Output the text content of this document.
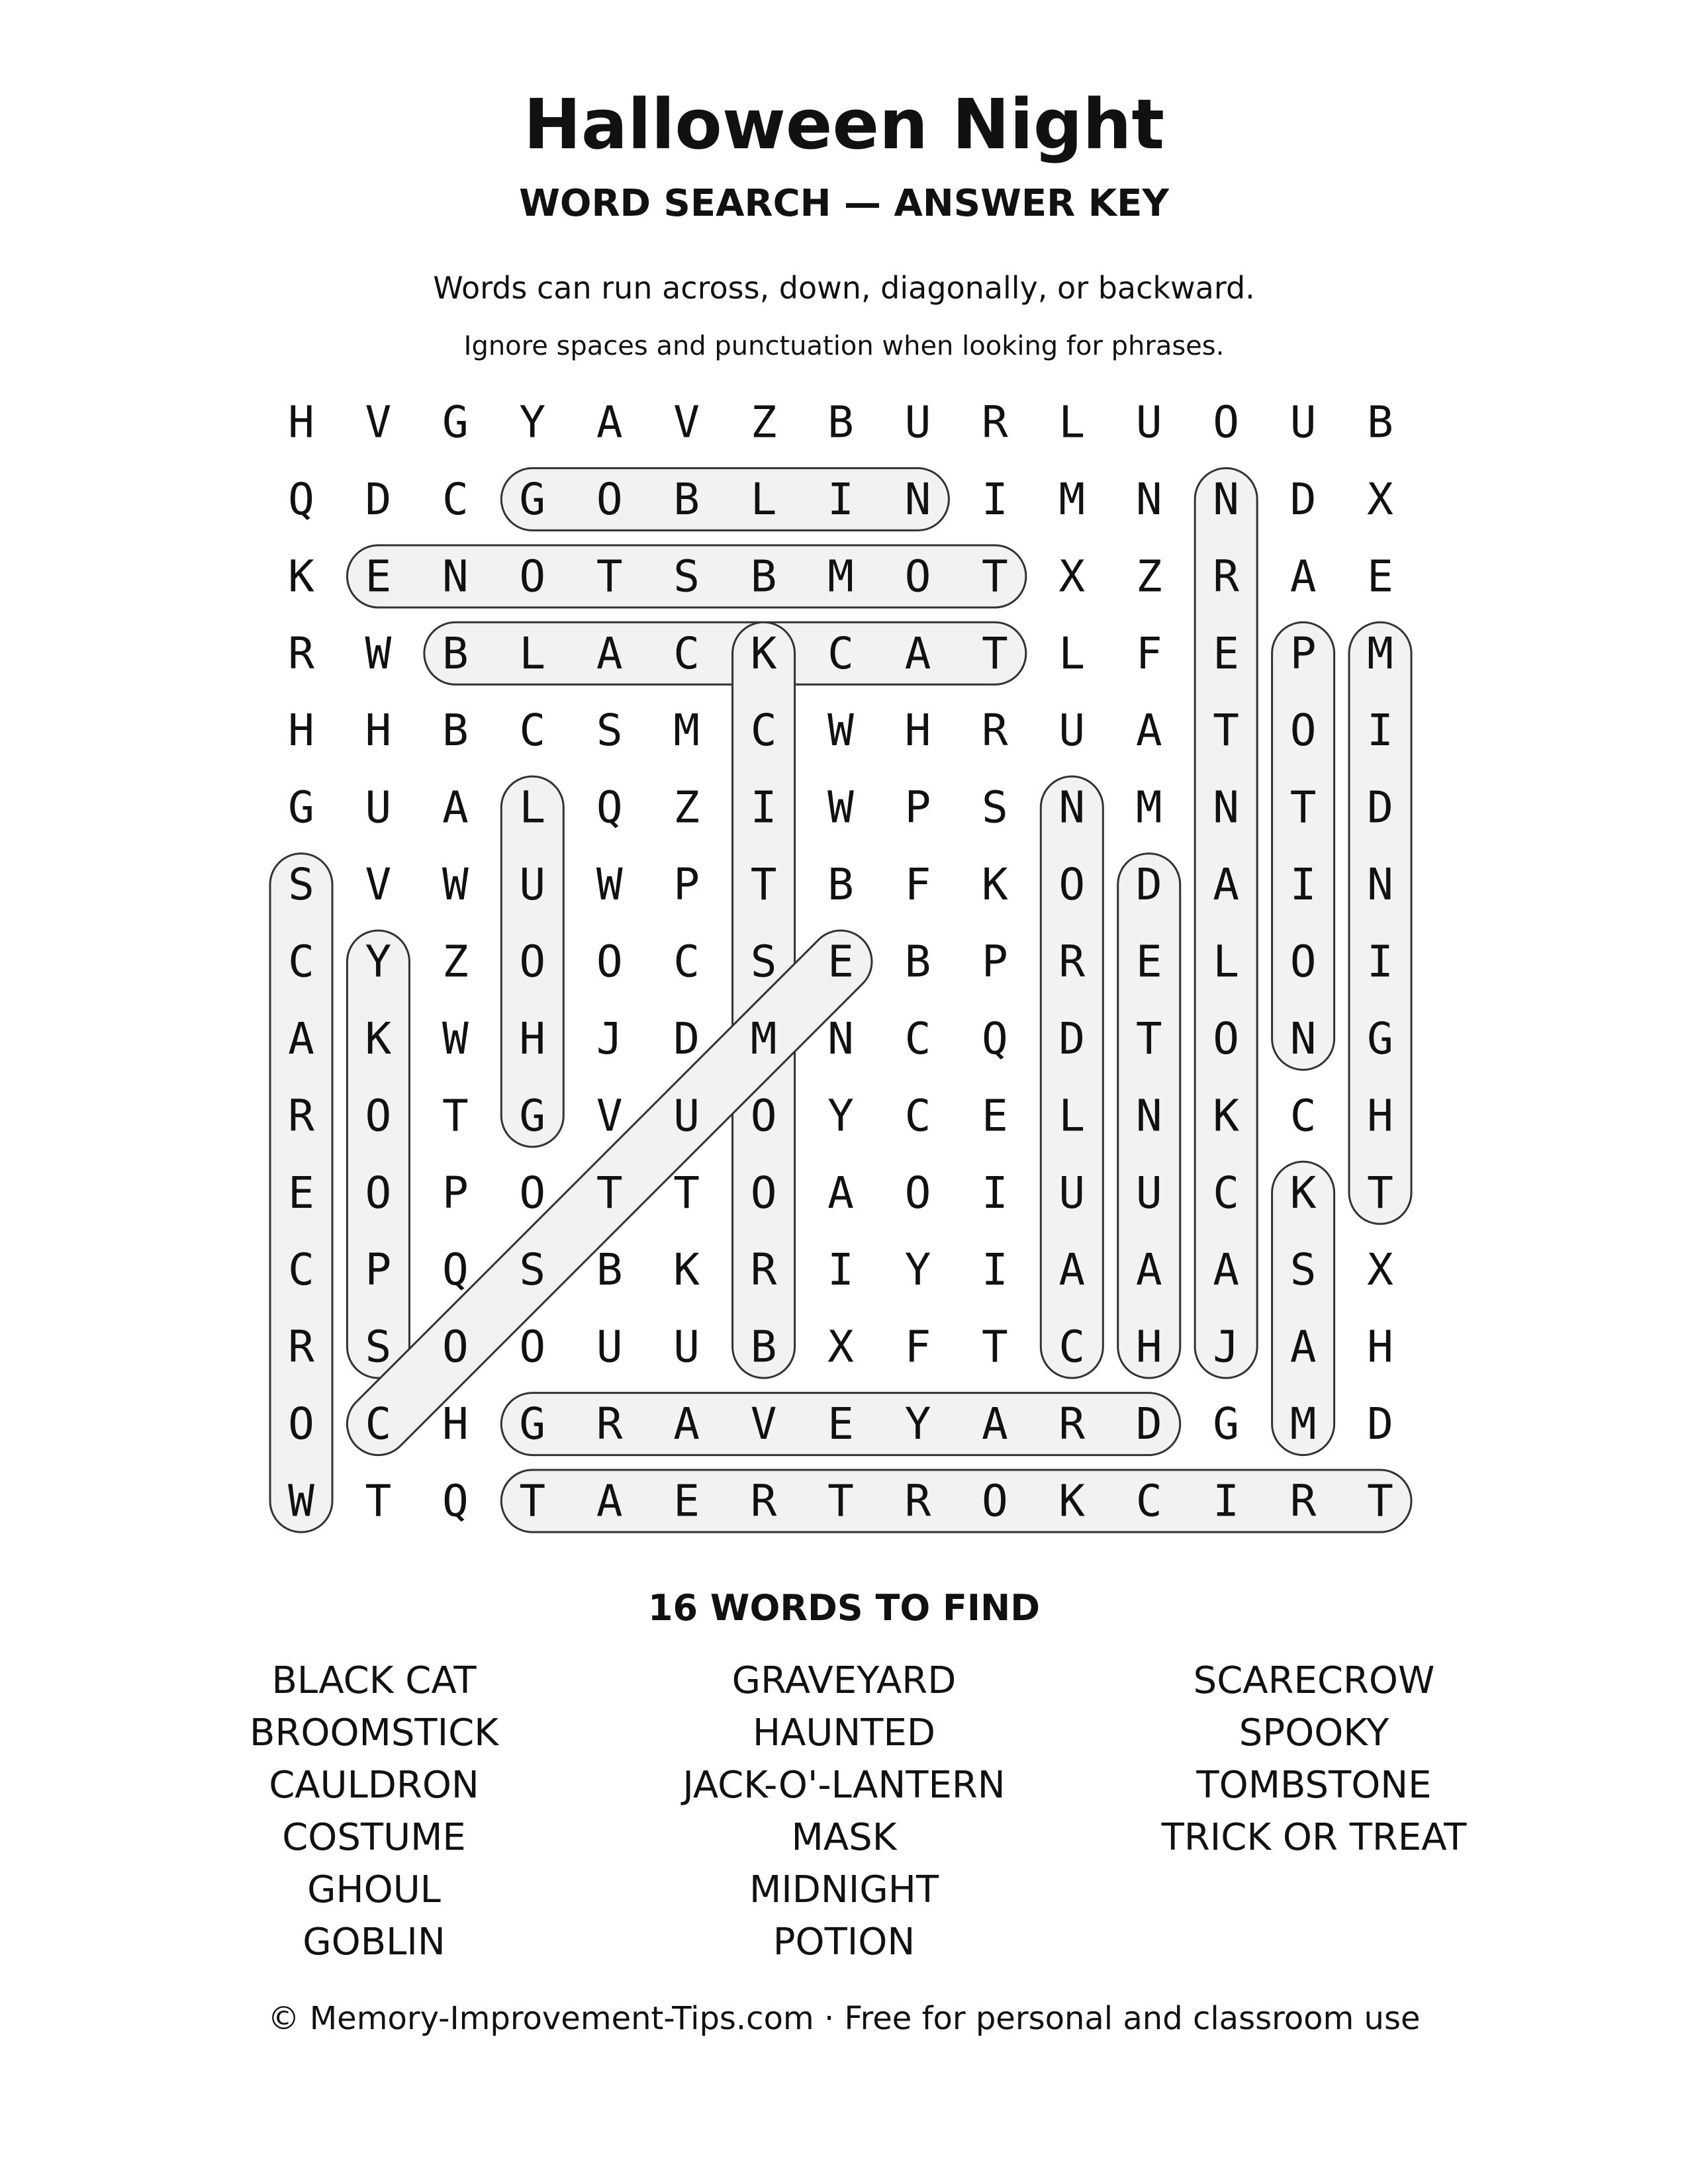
Halloween Night
WORD SEARCH — ANSWER KEY
Words can run across, down, diagonally, or backward.
Ignore spaces and punctuation when looking for phrases.
H V G Y A V Z B U R L U O U B
Q D C G O B L I N I M N N D X
K E N O T S B M O T X Z R A E
R W B L A C K C A T L F E P M
H H B C S M C W H R U A T O I
G U A L Q Z I W P S N M N T D
S V W U W P T B F K O D A I N
C Y Z O O C S E B P R E L O I
A K W H J D M N C Q D T O N G
R O T G V U O Y C E L N K C H
E O P O T T O A O I U U C K T
C P Q S B K R I Y I A A A S X
R S O O U U B X F T C H J A H
O C H G R A V E Y A R D G M D
W T Q T A E R T R O K C I R T
16 WORDS TO FIND
BLACK CAT
BROOMSTICK
CAULDRON
COSTUME
GHOUL
GOBLIN
GRAVEYARD
HAUNTED
JACK-O'-LANTERN
MASK
MIDNIGHT
POTION
SCARECROW
SPOOKY
TOMBSTONE
TRICK OR TREAT
© Memory-Improvement-Tips.com · Free for personal and classroom use
